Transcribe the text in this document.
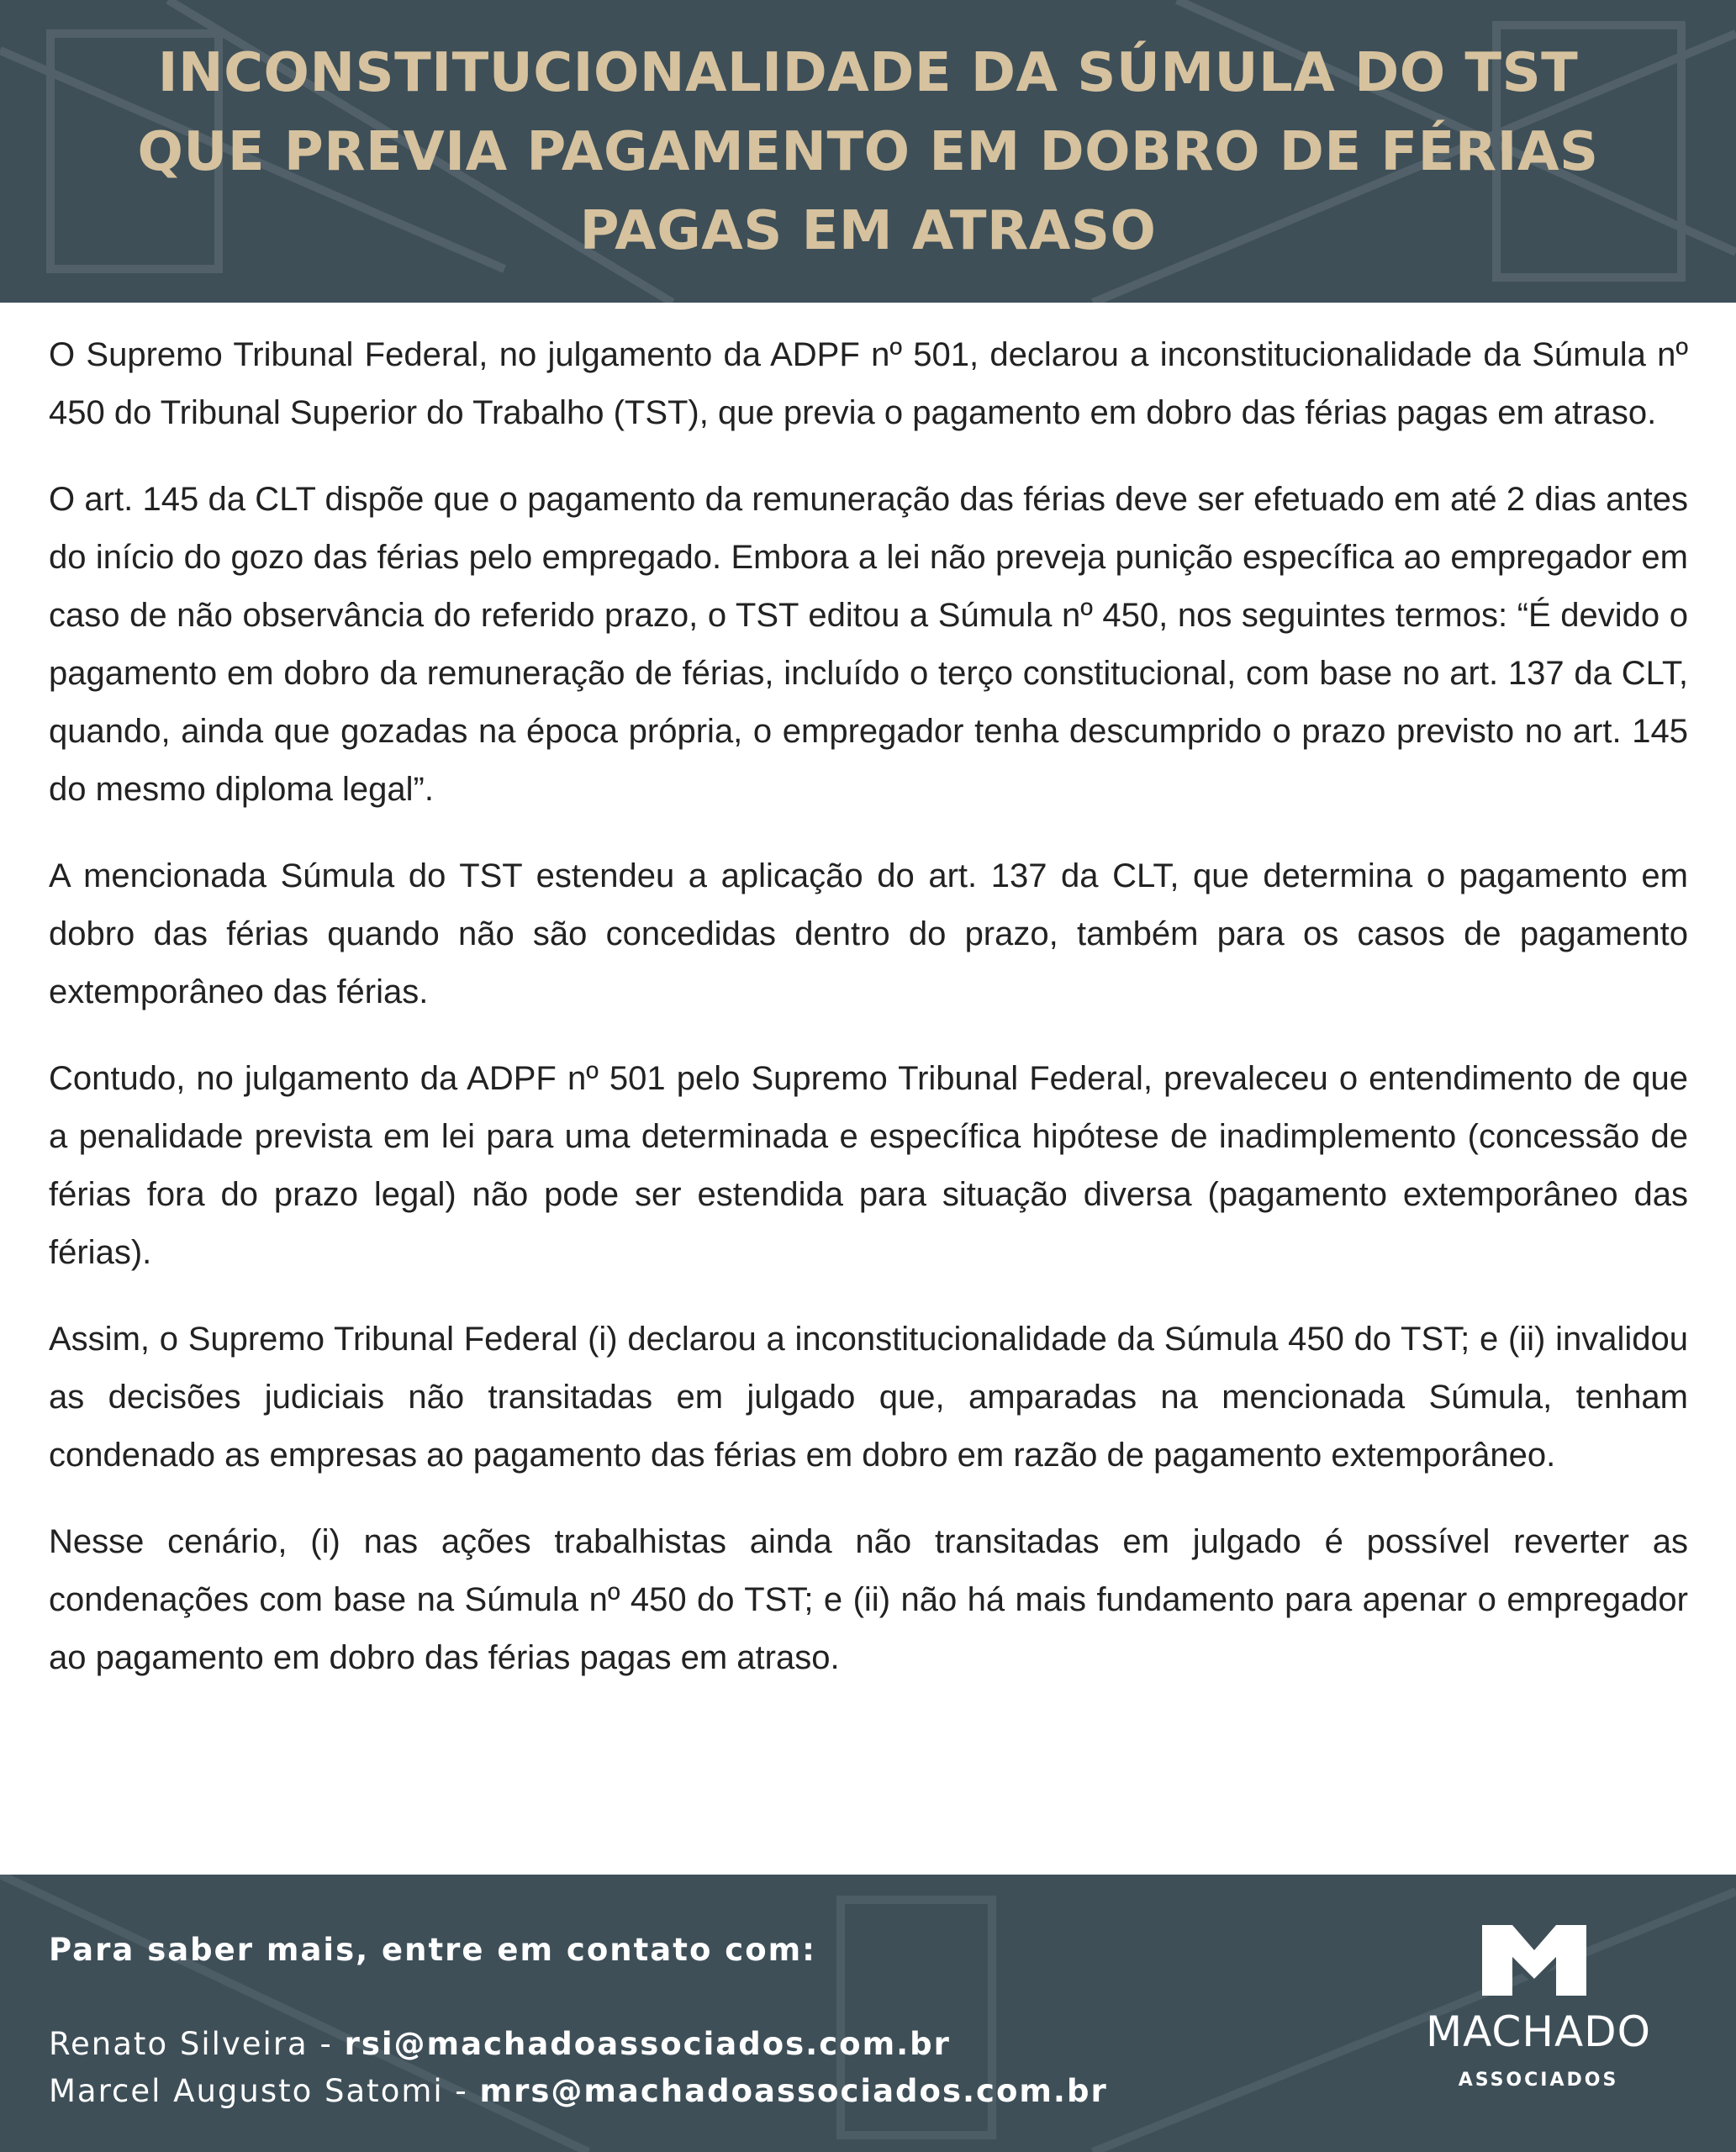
INCONSTITUCIONALIDADE DA SÚMULA DO TST
QUE PREVIA PAGAMENTO EM DOBRO DE FÉRIAS
PAGAS EM ATRASO

O Supremo Tribunal Federal, no julgamento da ADPF nº 501, declarou a inconstitucionalidade da Súmula nº 450 do Tribunal Superior do Trabalho (TST), que previa o pagamento em dobro das férias pagas em atraso.

O art. 145 da CLT dispõe que o pagamento da remuneração das férias deve ser efetuado em até 2 dias antes do início do gozo das férias pelo empregado. Embora a lei não preveja punição específica ao empregador em caso de não observância do referido prazo, o TST editou a Súmula nº 450, nos seguintes termos: “É devido o pagamento em dobro da remuneração de férias, incluído o terço constitucional, com base no art. 137 da CLT, quando, ainda que gozadas na época própria, o empregador tenha descumprido o prazo previsto no art. 145 do mesmo diploma legal”.

A mencionada Súmula do TST estendeu a aplicação do art. 137 da CLT, que determina o pagamento em dobro das férias quando não são concedidas dentro do prazo, também para os casos de pagamento extemporâneo das férias.

Contudo, no julgamento da ADPF nº 501 pelo Supremo Tribunal Federal, prevaleceu o entendimento de que a penalidade prevista em lei para uma determinada e específica hipótese de inadimplemento (concessão de férias fora do prazo legal) não pode ser estendida para situação diversa (pagamento extemporâneo das férias).

Assim, o Supremo Tribunal Federal (i) declarou a inconstitucionalidade da Súmula 450 do TST; e (ii) invalidou as decisões judiciais não transitadas em julgado que, amparadas na mencionada Súmula, tenham condenado as empresas ao pagamento das férias em dobro em razão de pagamento extemporâneo.

Nesse cenário, (i) nas ações trabalhistas ainda não transitadas em julgado é possível reverter as condenações com base na Súmula nº 450 do TST; e (ii) não há mais fundamento para apenar o empregador ao pagamento em dobro das férias pagas em atraso.

Para saber mais, entre em contato com:
Renato Silveira - rsi@machadoassociados.com.br
Marcel Augusto Satomi - mrs@machadoassociados.com.br
MACHADO
ASSOCIADOS
